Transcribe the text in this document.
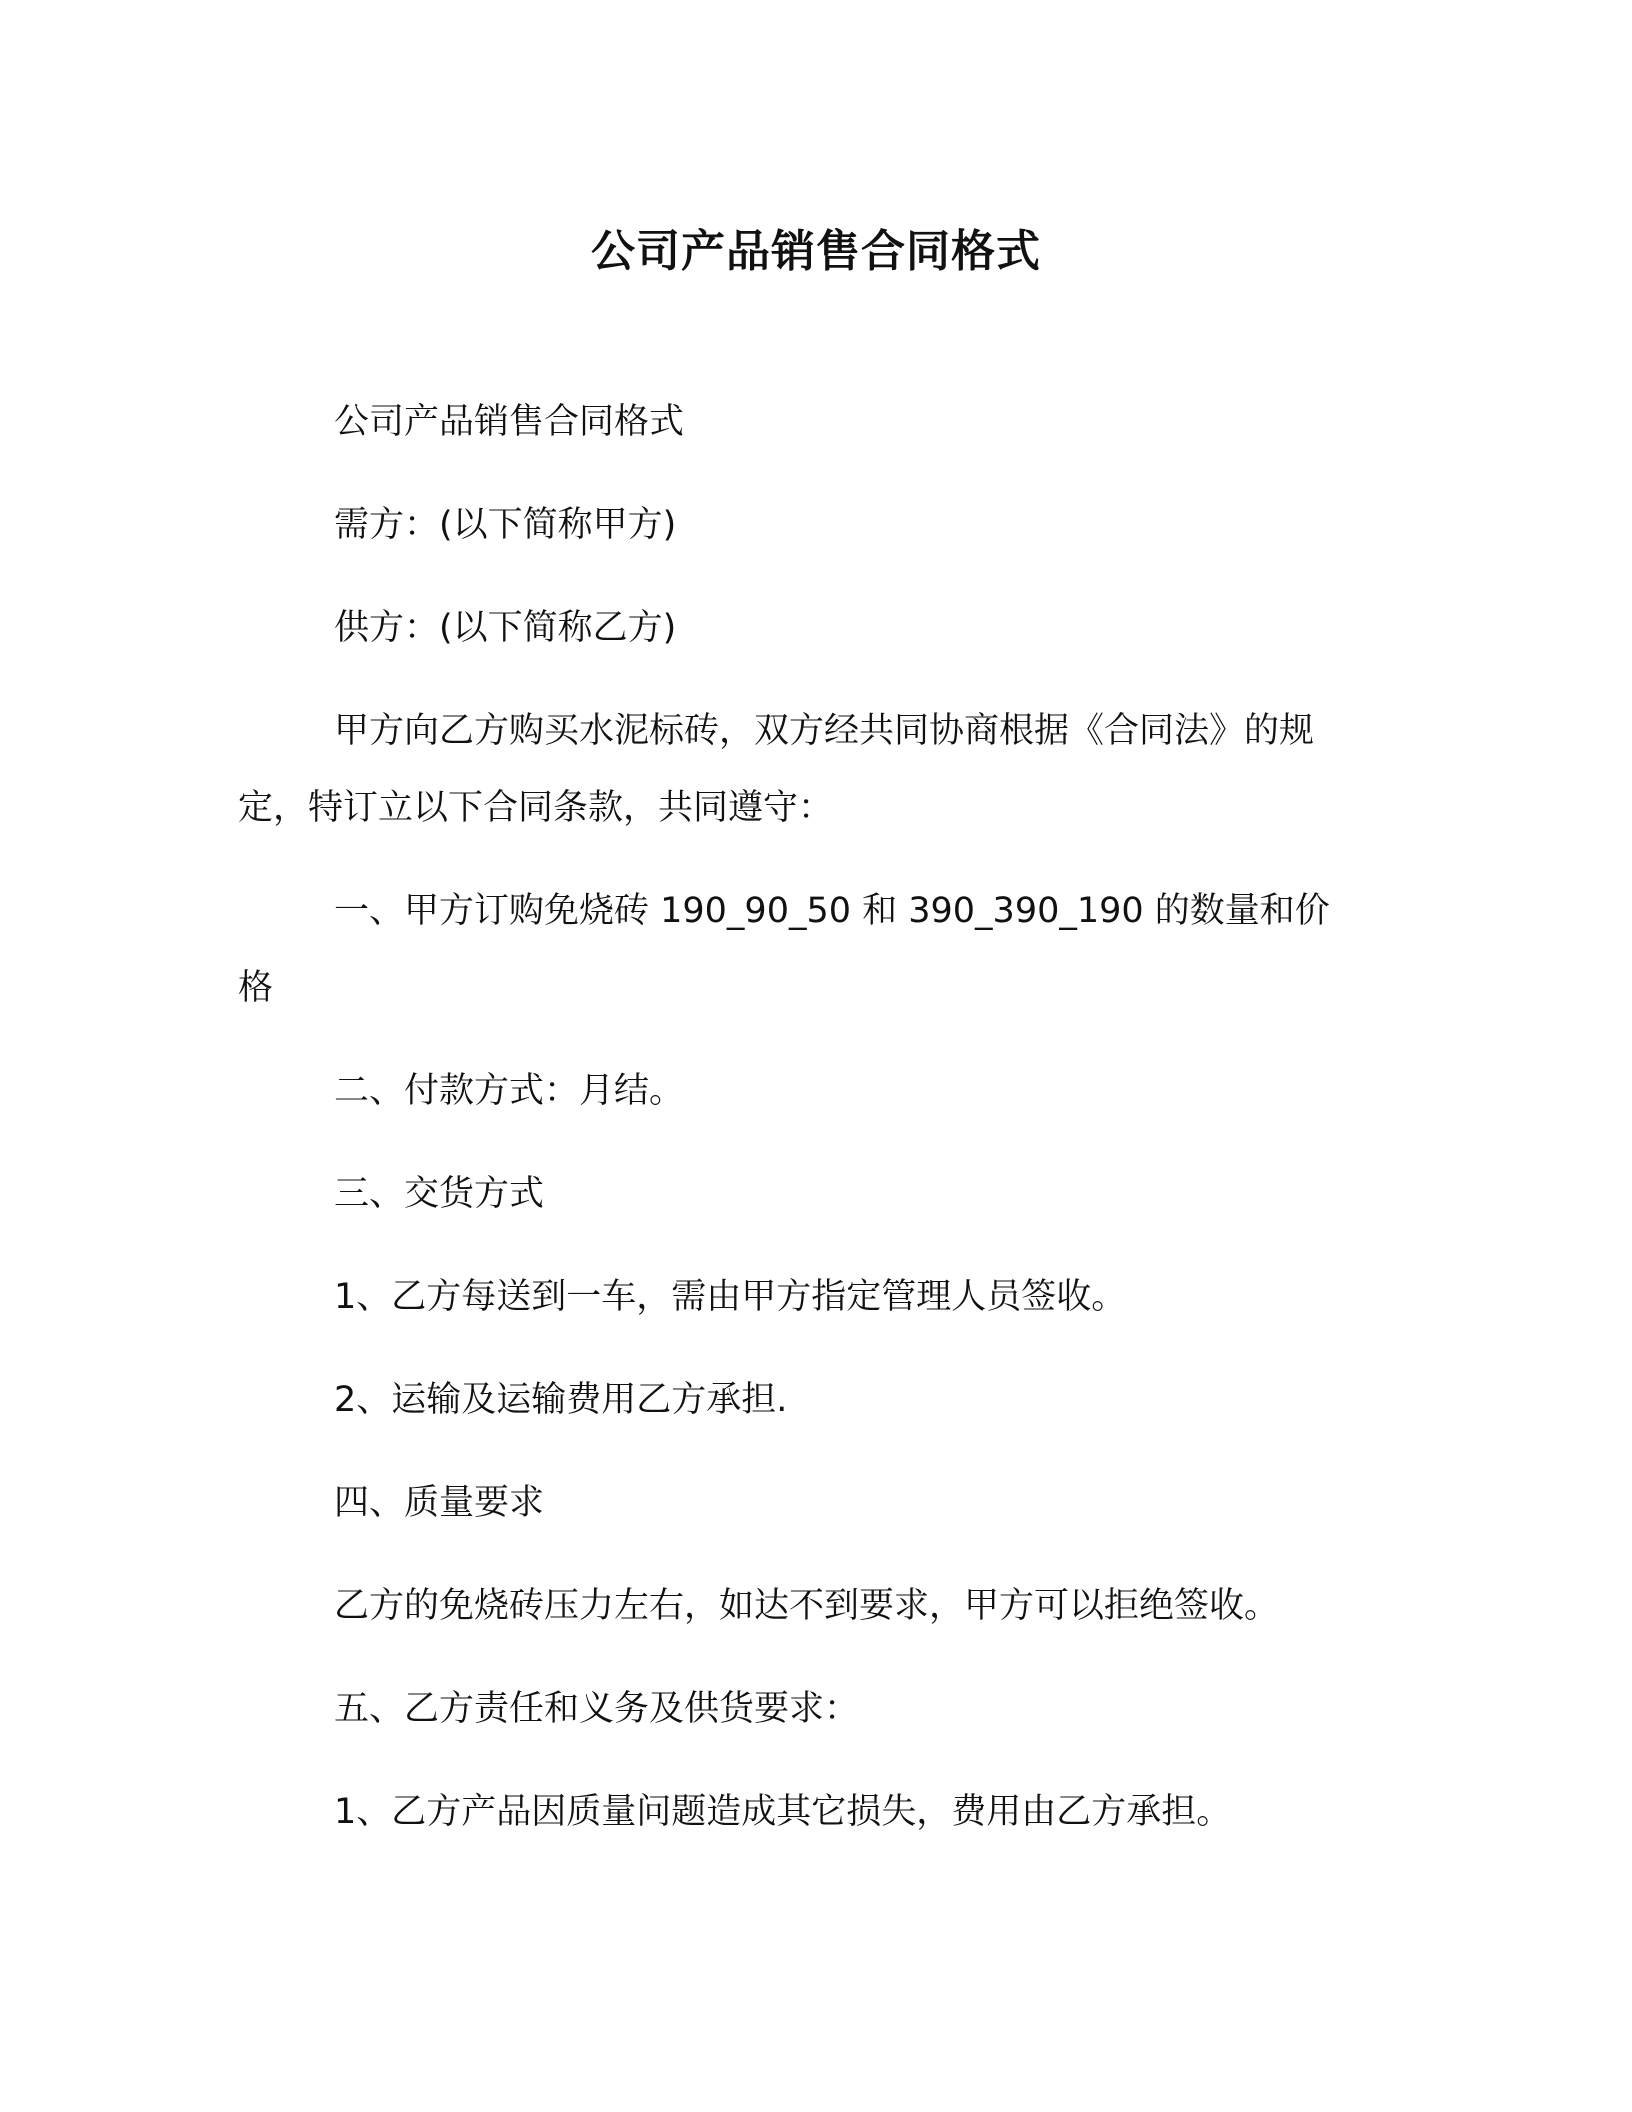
公司产品销售合同格式

公司产品销售合同格式

需方：(以下简称甲方)

供方：(以下简称乙方)

甲方向乙方购买水泥标砖，双方经共同协商根据《合同法》的规

定，特订立以下合同条款，共同遵守：

一、甲方订购免烧砖 190_90_50 和 390_390_190 的数量和价

格

二、付款方式：月结。

三、交货方式

1、乙方每送到一车，需由甲方指定管理人员签收。

2、运输及运输费用乙方承担.

四、质量要求

乙方的免烧砖压力左右，如达不到要求，甲方可以拒绝签收。

五、乙方责任和义务及供货要求：

1、乙方产品因质量问题造成其它损失，费用由乙方承担。
